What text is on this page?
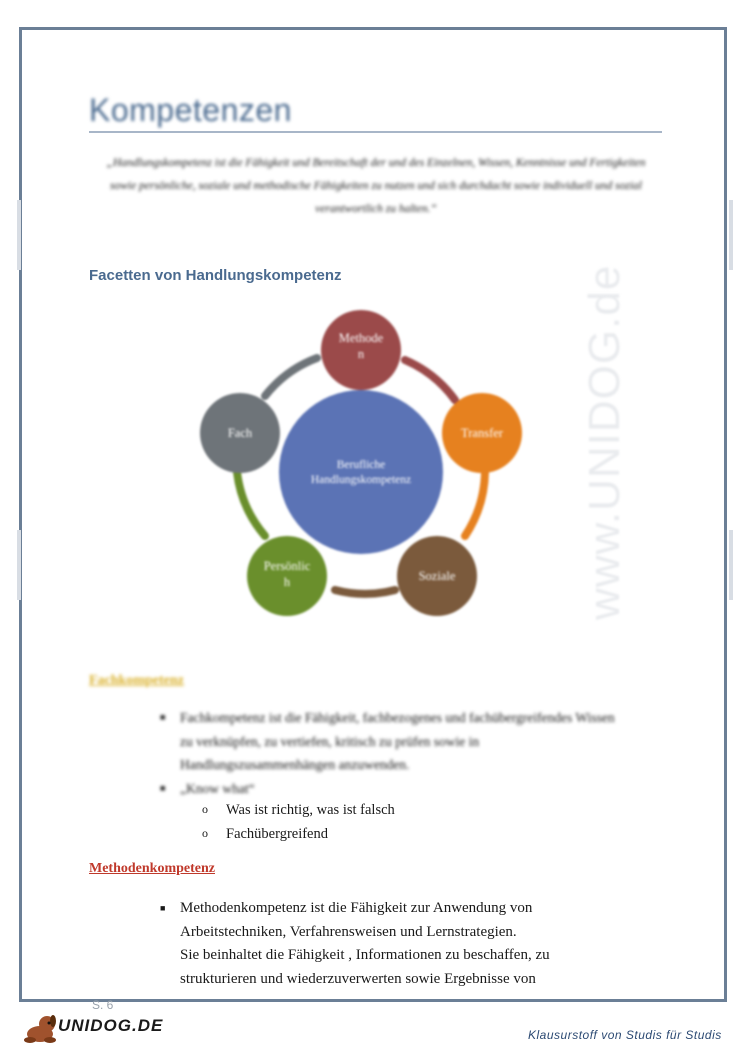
www.UNIDOG.de
Kompetenzen

„Handlungskompetenz ist die Fähigkeit und Bereitschaft der und des Einzelnen, Wissen, Kenntnisse und Fertigkeiten sowie persönliche, soziale und methodische Fähigkeiten zu nutzen und sich durchdacht sowie individuell und sozial verantwortlich zu halten.“

Facetten von Handlungskompetenz
Berufliche
Handlungskompetenz
Methode
n
Transfer
Soziale
Persönlic
h
Fach
Fachkompetenz
■	Fachkompetenz ist die Fähigkeit, fachbezogenes und fachübergreifendes Wissen zu verknüpfen, zu vertiefen, kritisch zu prüfen sowie in Handlungszusammenhängen anzuwenden.
■	„Know what“
o	Was ist richtig, was ist falsch
o	Fachübergreifend
Methodenkompetenz
■ Methodenkompetenz ist die Fähigkeit zur Anwendung von
Arbeitstechniken, Verfahrensweisen und Lernstrategien.
Sie beinhaltet die Fähigkeit , Informationen zu beschaffen, zu
strukturieren und wiederzuverwerten sowie Ergebnisse von
S. 6
UNIDOG.DE	Klausurstoff von Studis für Studis
